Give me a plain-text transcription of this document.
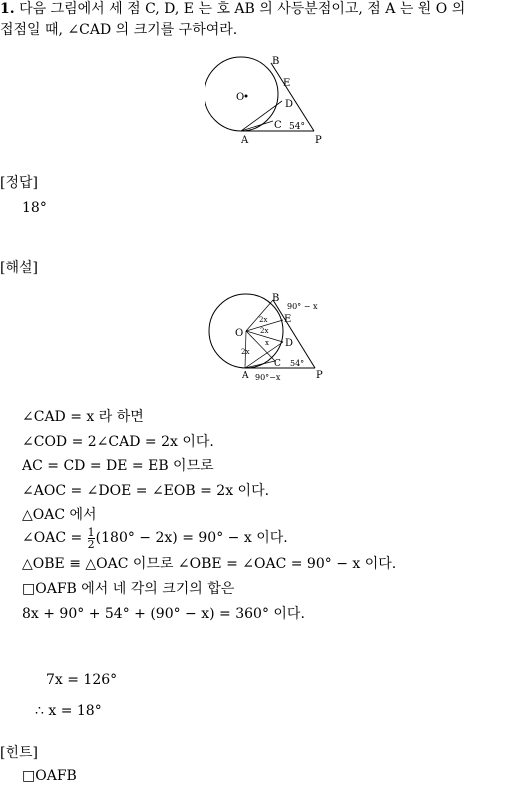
1. 다음 그림에서 세 점 C, D, E 는 호 AB 의 사등분점이고, 점 A 는 원 O 의
접점일 때, ∠CAD 의 크기를 구하여라.
O
B
E
D
C
A	P
54°
[정답]
18°
[해설]
O
B
E
D
C
A	P
54°
90° − x
90°−x
2x
2x
x
2x
∠CAD = x 라 하면
∠COD = 2∠CAD = 2x 이다.
AC = CD = DE = EB 이므로
∠AOC = ∠DOE = ∠EOB = 2x 이다.
△OAC 에서
∠OAC = $\frac{1}{2} (180^\circ - 2x) = 90^\circ - x$ 이다.
△OBE ≡ △OAC 이므로 ∠OBE = ∠OAC = 90° − x 이다.
□OAFB 에서 네 각의 크기의 합은
8x + 90° + 54° + (90° − x) = 360° 이다.
7x = 126°
∴ x = 18°
[힌트]
□OAFB
